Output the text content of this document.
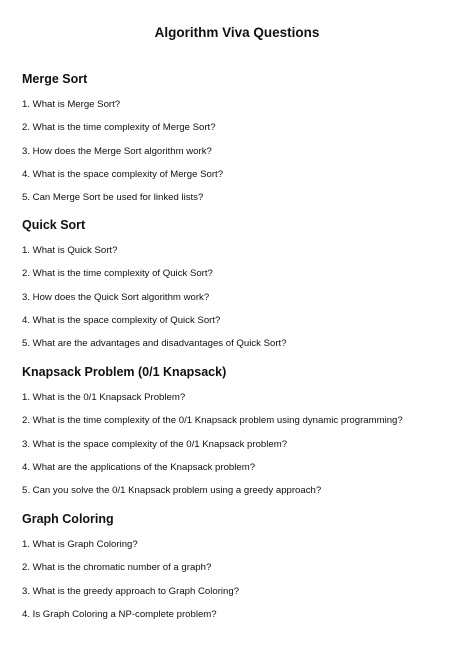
Algorithm Viva Questions
Merge Sort
1. What is Merge Sort?
2. What is the time complexity of Merge Sort?
3. How does the Merge Sort algorithm work?
4. What is the space complexity of Merge Sort?
5. Can Merge Sort be used for linked lists?
Quick Sort
1. What is Quick Sort?
2. What is the time complexity of Quick Sort?
3. How does the Quick Sort algorithm work?
4. What is the space complexity of Quick Sort?
5. What are the advantages and disadvantages of Quick Sort?
Knapsack Problem (0/1 Knapsack)
1. What is the 0/1 Knapsack Problem?
2. What is the time complexity of the 0/1 Knapsack problem using dynamic programming?
3. What is the space complexity of the 0/1 Knapsack problem?
4. What are the applications of the Knapsack problem?
5. Can you solve the 0/1 Knapsack problem using a greedy approach?
Graph Coloring
1. What is Graph Coloring?
2. What is the chromatic number of a graph?
3. What is the greedy approach to Graph Coloring?
4. Is Graph Coloring a NP-complete problem?
